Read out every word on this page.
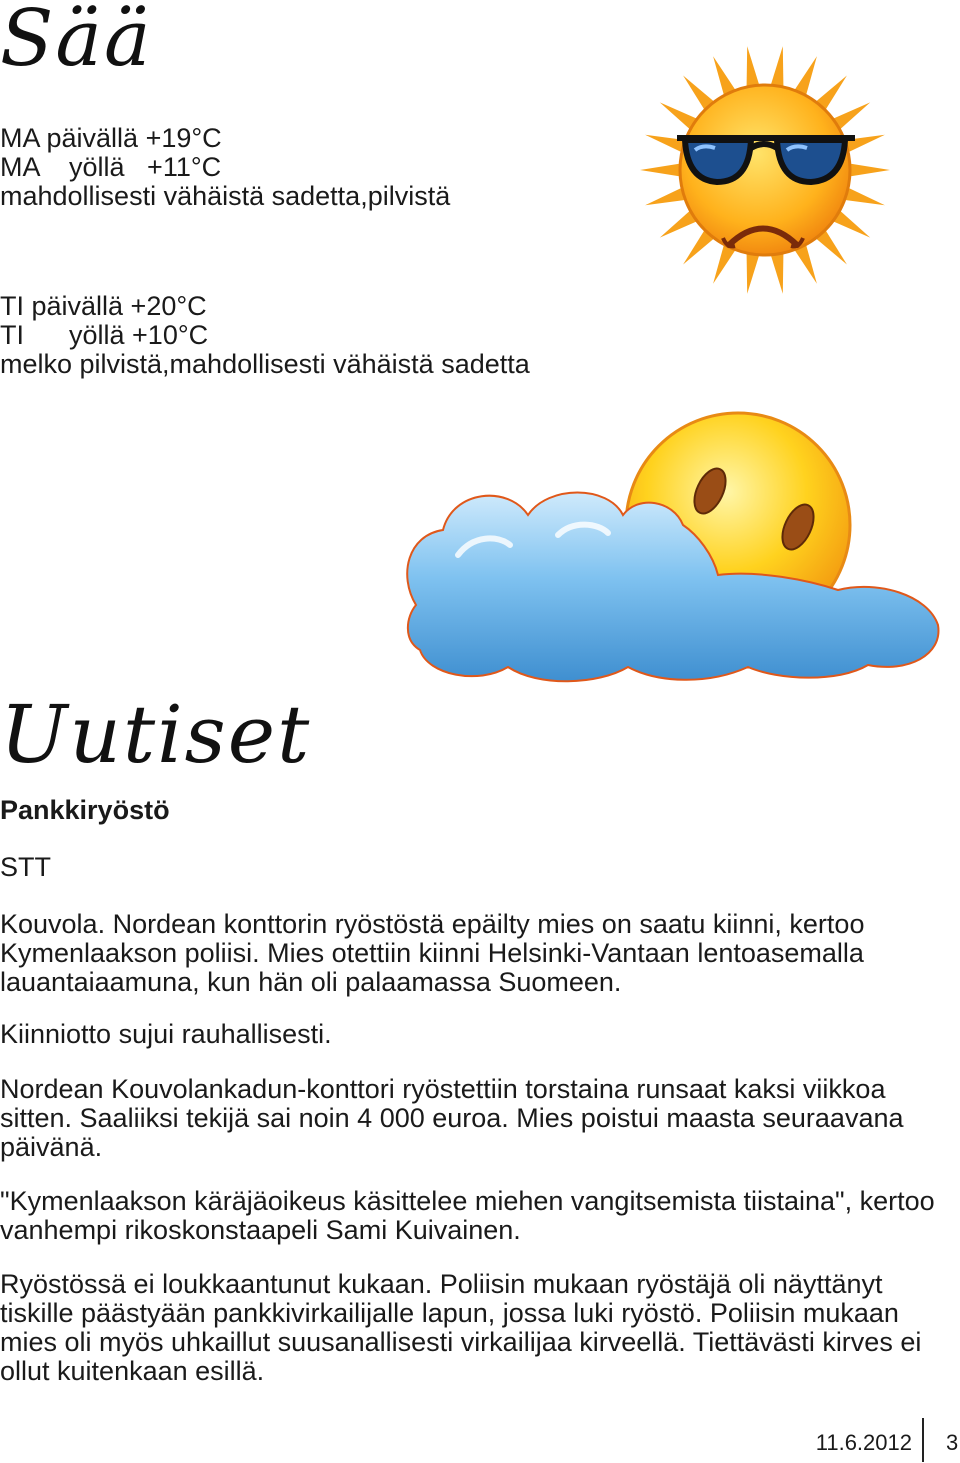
Sää
MA päivällä +19°C
MA    yöllä   +11°C
mahdollisesti vähäistä sadetta,pilvistä
TI päivällä +20°C
TI      yöllä +10°C
melko pilvistä,mahdollisesti vähäistä sadetta
Uutiset
Pankkiryöstö
STT

Kouvola. Nordean konttorin ryöstöstä epäilty mies on saatu kiinni, kertoo Kymenlaakson poliisi. Mies otettiin kiinni Helsinki-Vantaan lentoasemalla lauantaiaamuna, kun hän oli palaamassa Suomeen.

Kiinniotto sujui rauhallisesti.

Nordean Kouvolankadun-konttori ryöstettiin torstaina runsaat kaksi viikkoa sitten. Saaliiksi tekijä sai noin 4 000 euroa. Mies poistui maasta seuraavana päivänä.

"Kymenlaakson käräjäoikeus käsittelee miehen vangitsemista tiistaina", kertoo vanhempi rikoskonstaapeli Sami Kuivainen.

Ryöstössä ei loukkaantunut kukaan. Poliisin mukaan ryöstäjä oli näyttänyt tiskille päästyään pankkivirkailijalle lapun, jossa luki ryöstö. Poliisin mukaan mies oli myös uhkaillut suusanallisesti virkailijaa kirveellä. Tiettävästi kirves ei ollut kuitenkaan esillä.

11.6.2012 3
